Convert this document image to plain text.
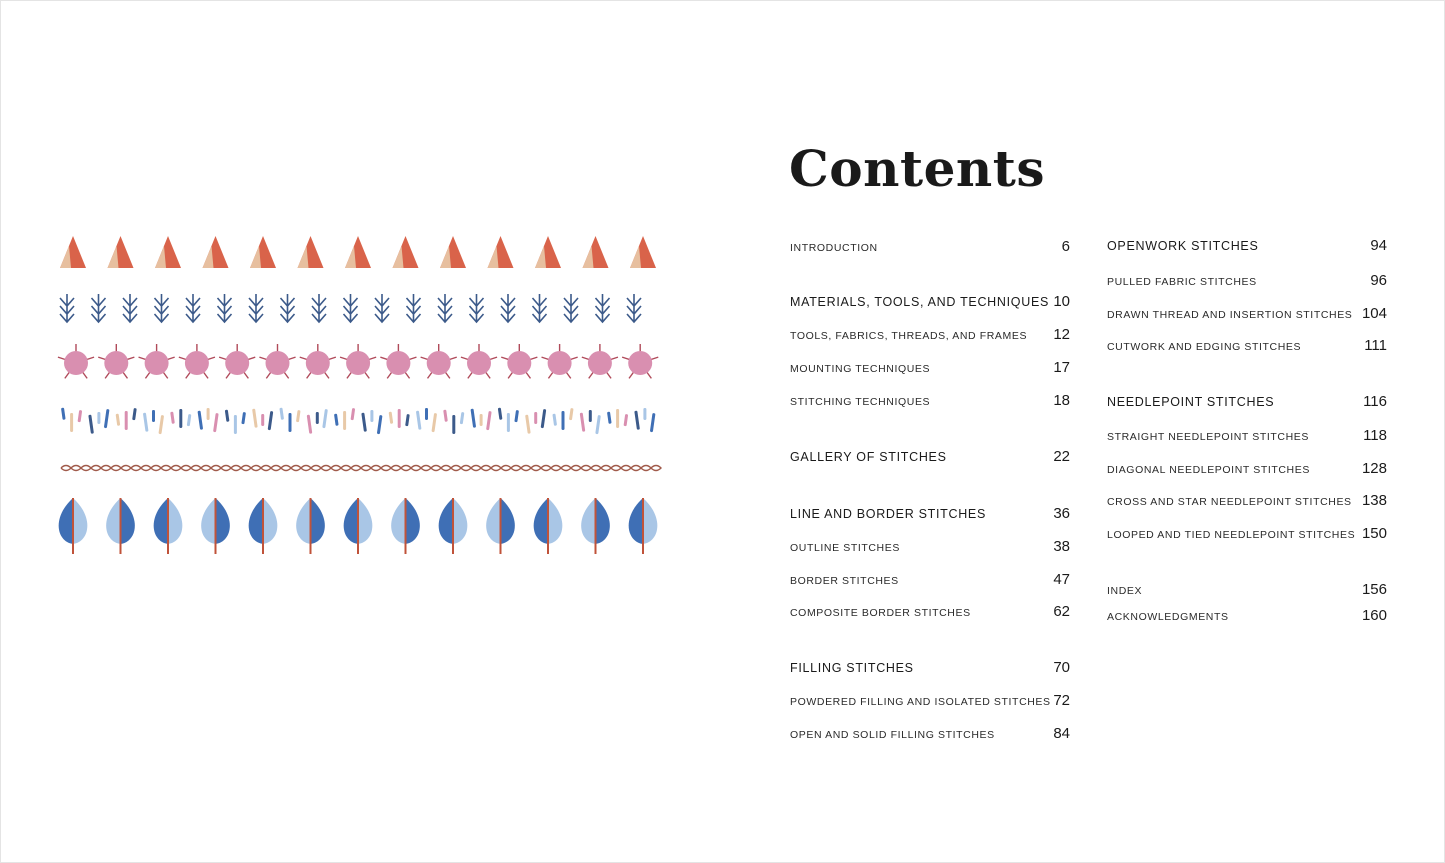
Contents
INTRODUCTION	6
MATERIALS, TOOLS, AND TECHNIQUES 10
TOOLS, FABRICS, THREADS, AND FRAMES 12
MOUNTING TECHNIQUES	17
STITCHING TECHNIQUES	18
GALLERY OF STITCHES	22
LINE AND BORDER STITCHES	36
OUTLINE STITCHES	38
BORDER STITCHES	47
COMPOSITE BORDER STITCHES	62
FILLING STITCHES	70
POWDERED FILLING AND ISOLATED STITCHES 72
OPEN AND SOLID FILLING STITCHES	84
OPENWORK STITCHES	94
PULLED FABRIC STITCHES	96
DRAWN THREAD AND INSERTION STITCHES 104
CUTWORK AND EDGING STITCHES	111
NEEDLEPOINT STITCHES	116
STRAIGHT NEEDLEPOINT STITCHES	118
DIAGONAL NEEDLEPOINT STITCHES	128
CROSS AND STAR NEEDLEPOINT STITCHES 138
LOOPED AND TIED NEEDLEPOINT STITCHES 150
INDEX	156
ACKNOWLEDGMENTS	160
